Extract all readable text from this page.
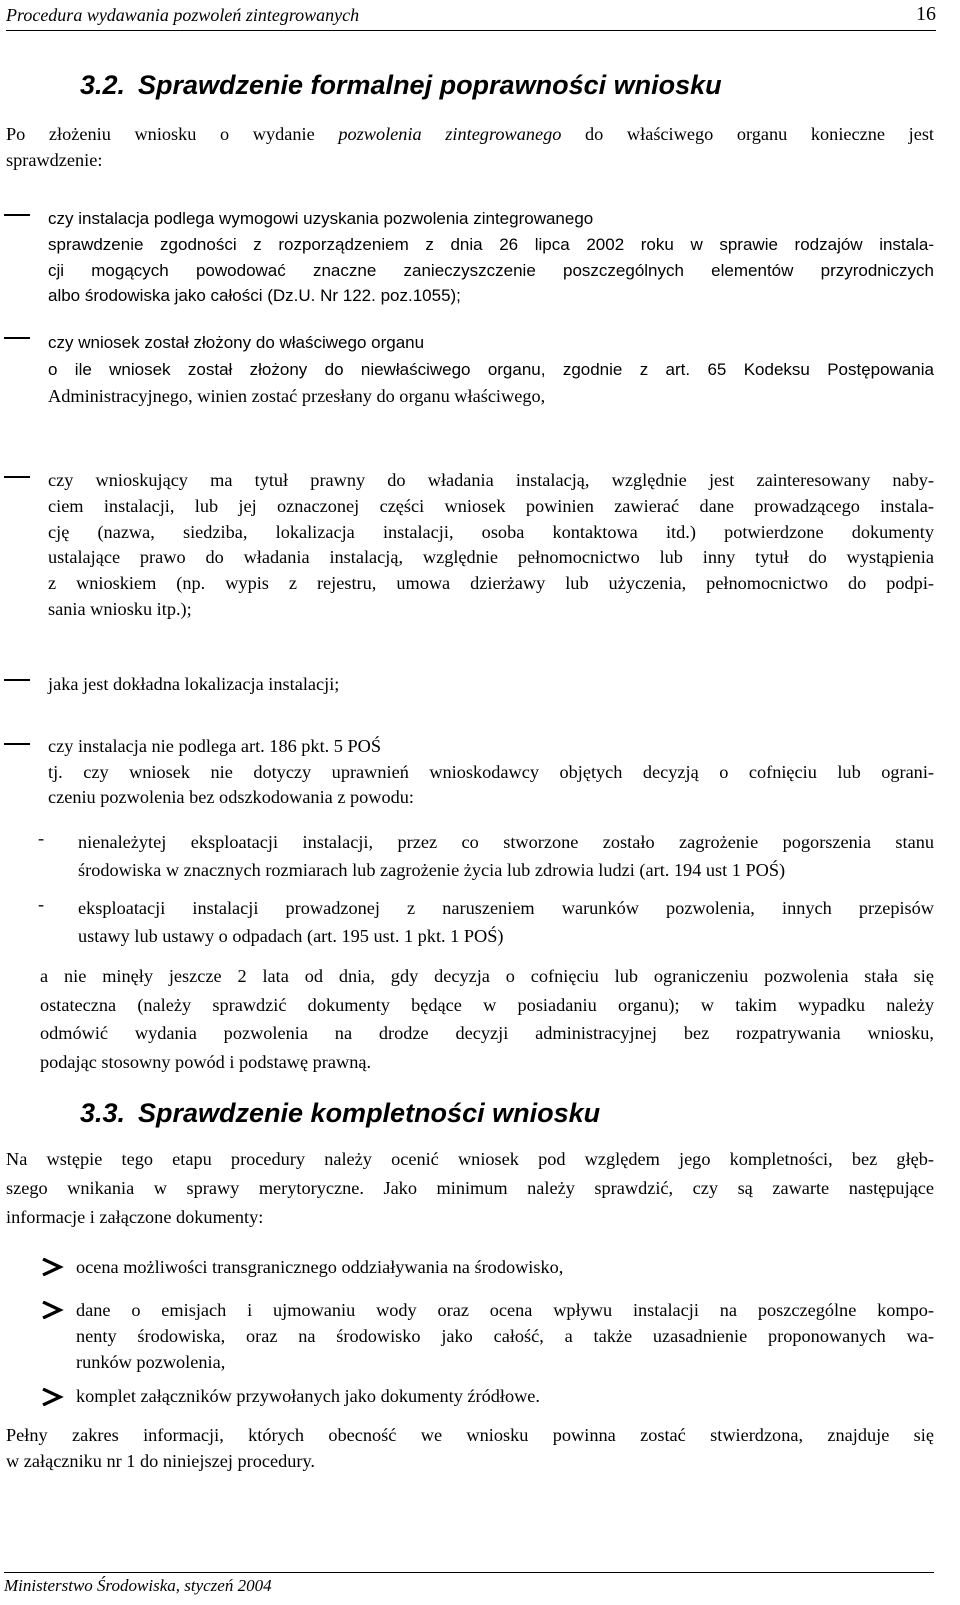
Procedura wydawania pozwoleń zintegrowanych	16
3.2. Sprawdzenie formalnej poprawności wniosku
Po złożeniu wniosku o wydanie pozwolenia zintegrowanego do właściwego organu konieczne jest
sprawdzenie:
czy instalacja podlega wymogowi uzyskania pozwolenia zintegrowanego
sprawdzenie zgodności z rozporządzeniem z dnia 26 lipca 2002 roku w sprawie rodzajów instala-
cji mogących powodować znaczne zanieczyszczenie poszczególnych elementów przyrodniczych
albo środowiska jako całości (Dz.U. Nr 122. poz.1055);
czy wniosek został złożony do właściwego organu
o ile wniosek został złożony do niewłaściwego organu, zgodnie z art. 65 Kodeksu Postępowania
Administracyjnego, winien zostać przesłany do organu właściwego,
czy wnioskujący ma tytuł prawny do władania instalacją, względnie jest zainteresowany naby-
ciem instalacji, lub jej oznaczonej części wniosek powinien zawierać dane prowadzącego instala-
cję (nazwa, siedziba, lokalizacja instalacji, osoba kontaktowa itd.) potwierdzone dokumenty
ustalające prawo do władania instalacją, względnie pełnomocnictwo lub inny tytuł do wystąpienia
z wnioskiem (np. wypis z rejestru, umowa dzierżawy lub użyczenia, pełnomocnictwo do podpi-
sania wniosku itp.);
jaka jest dokładna lokalizacja instalacji;
czy instalacja nie podlega art. 186 pkt. 5 POŚ
tj. czy wniosek nie dotyczy uprawnień wnioskodawcy objętych decyzją o cofnięciu lub ograni-
czeniu pozwolenia bez odszkodowania z powodu:
- nienależytej eksploatacji instalacji, przez co stworzone zostało zagrożenie pogorszenia stanu
środowiska w znacznych rozmiarach lub zagrożenie życia lub zdrowia ludzi (art. 194 ust 1 POŚ)
- eksploatacji instalacji prowadzonej z naruszeniem warunków pozwolenia, innych przepisów
ustawy lub ustawy o odpadach (art. 195 ust. 1 pkt. 1 POŚ)
a nie minęły jeszcze 2 lata od dnia, gdy decyzja o cofnięciu lub ograniczeniu pozwolenia stała się
ostateczna (należy sprawdzić dokumenty będące w posiadaniu organu); w takim wypadku należy
odmówić wydania pozwolenia na drodze decyzji administracyjnej bez rozpatrywania wniosku,
podając stosowny powód i podstawę prawną.
3.3. Sprawdzenie kompletności wniosku
Na wstępie tego etapu procedury należy ocenić wniosek pod względem jego kompletności, bez głęb-
szego wnikania w sprawy merytoryczne. Jako minimum należy sprawdzić, czy są zawarte następujące
informacje i załączone dokumenty:
ocena możliwości transgranicznego oddziaływania na środowisko,
dane o emisjach i ujmowaniu wody oraz ocena wpływu instalacji na poszczególne kompo-
nenty środowiska, oraz na środowisko jako całość, a także uzasadnienie proponowanych wa-
runków pozwolenia,
komplet załączników przywołanych jako dokumenty źródłowe.
Pełny zakres informacji, których obecność we wniosku powinna zostać stwierdzona, znajduje się
w załączniku nr 1 do niniejszej procedury.
Ministerstwo Środowiska, styczeń 2004
